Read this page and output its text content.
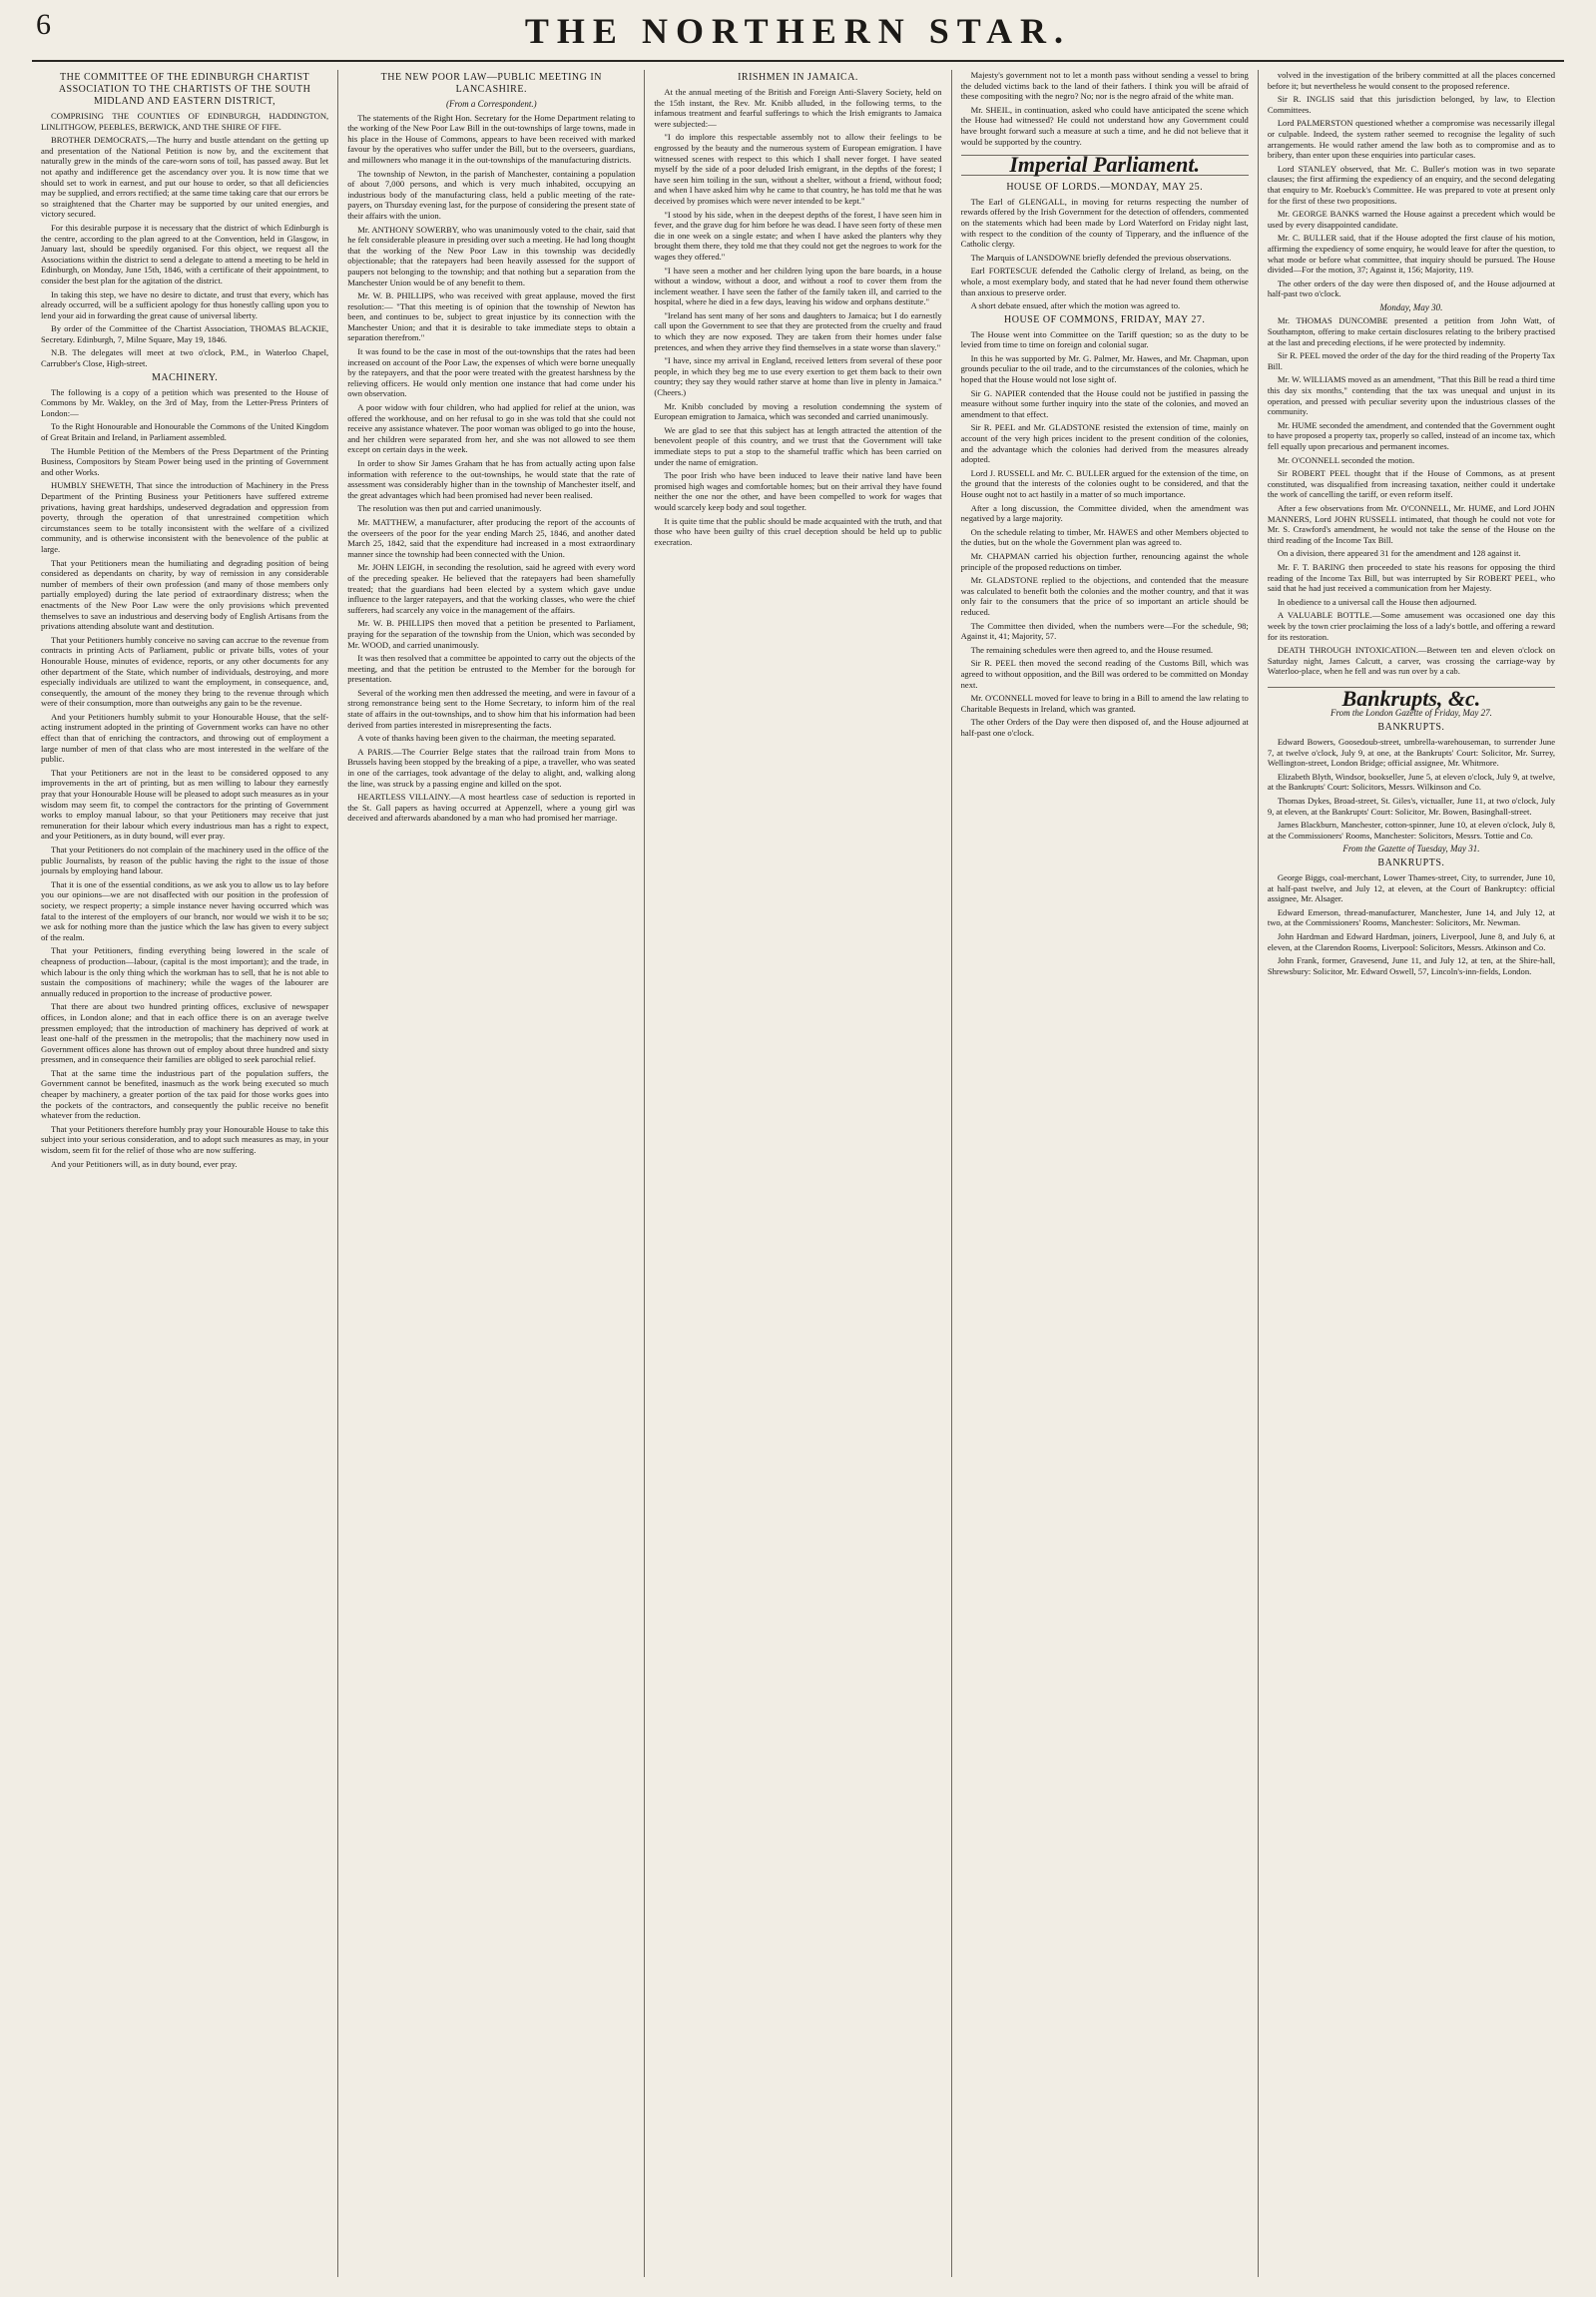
6	THE NORTHERN STAR.
THE COMMITTEE OF THE EDINBURGH CHARTIST ASSOCIATION TO THE CHARTISTS OF THE SOUTH MIDLAND AND EASTERN DISTRICT,

COMPRISING THE COUNTIES OF EDINBURGH, HADDINGTON, LINLITHGOW, PEEBLES, BERWICK, AND THE SHIRE OF FIFE.

BROTHER DEMOCRATS,—The hurry and bustle attendant on the getting up and presentation of the National Petition is now by, and the excitement that naturally grew in the minds of the care-worn sons of toil, has passed away. But let not apathy and indifference get the ascendancy over you. It is now time that we should set to work in earnest, and put our house to order, so that all deficiencies may be supplied, and errors rectified; at the same time taking care that our errors be so straightened that the Charter may be supported by our united energies, and victory secured.

For this desirable purpose it is necessary that the district of which Edinburgh is the centre, according to the plan agreed to at the Convention, held in Glasgow, in January last, should be speedily organised. For this object, we request all the Associations within the district to send a delegate to attend a meeting to be held in Edinburgh, on Monday, June 15th, 1846, with a certificate of their appointment, to consider the best plan for the agitation of the district.

In taking this step, we have no desire to dictate, and trust that every, which has already occurred, will be a sufficient apology for thus honestly calling upon you to lend your aid in forwarding the great cause of universal liberty.

By order of the Committee of the Chartist Association, THOMAS BLACKIE, Secretary. Edinburgh, 7, Milne Square, May 19, 1846.

N.B. The delegates will meet at two o'clock, P.M., in Waterloo Chapel, Carrubber's Close, High-street.

MACHINERY.

The following is a copy of a petition which was presented to the House of Commons by Mr. Wakley, on the 3rd of May, from the Letter-Press Printers of London:—

To the Right Honourable and Honourable the Commons of the United Kingdom of Great Britain and Ireland, in Parliament assembled.

The Humble Petition of the Members of the Press Department of the Printing Business, Compositors by Steam Power being used in the printing of Government and other Works.

HUMBLY SHEWETH, That since the introduction of Machinery in the Press Department of the Printing Business your Petitioners have suffered extreme privations, having great hardships, undeserved degradation and oppression from poverty, through the operation of that unrestrained competition which circumstances seem to be totally inconsistent with the welfare of a civilized community, and is otherwise inconsistent with the benevolence of the public at large.

That your Petitioners mean the humiliating and degrading position of being considered as dependants on charity, by way of remission in any considerable number of members of their own profession (and many of those members only partially employed) during the late period of extraordinary distress; when the enactments of the New Poor Law were the only provisions which prevented themselves to save an industrious and deserving body of English Artisans from the privations attending absolute want and destitution.

That your Petitioners humbly conceive no saving can accrue to the revenue from contracts in printing Acts of Parliament, public or private bills, votes of your Honourable House, minutes of evidence, reports, or any other documents for any other department of the State, which number of individuals, destroying, and more especially individuals are utilized to want the employment, in consequence, and, consequently, the amount of the money they bring to the revenue through which were of their consumption, more than outweighs any gain to be the revenue.

And your Petitioners humbly submit to your Honourable House, that the self-acting instrument adopted in the printing of Government works can have no other effect than that of enriching the contractors, and throwing out of employment a large number of men of that class who are most interested in the welfare of the public.

That your Petitioners are not in the least to be considered opposed to any improvements in the art of printing, but as men willing to labour they earnestly pray that your Honourable House will be pleased to adopt such measures as in your wisdom may seem fit, to compel the contractors for the printing of Government works to employ manual labour, so that your Petitioners may receive that just remuneration for their labour which every industrious man has a right to expect, and your Petitioners, as in duty bound, will ever pray.

That your Petitioners do not complain of the machinery used in the office of the public Journalists, by reason of the public having the right to the issue of those journals by employing hand labour.

That it is one of the essential conditions, as we ask you to allow us to lay before you our opinions—we are not disaffected with our position in the profession of society, we respect property; a simple instance never having occurred which was fatal to the interest of the employers of our branch, nor would we wish it to be so; we ask for nothing more than the justice which the law has given to every subject of the realm.

That your Petitioners, finding everything being lowered in the scale of cheapness of production—labour, (capital is the most important); and the trade, in which labour is the only thing which the workman has to sell, that he is not able to sustain the compositions of machinery; while the wages of the labourer are annually reduced in proportion to the increase of productive power.

That there are about two hundred printing offices, exclusive of newspaper offices, in London alone; and that in each office there is on an average twelve pressmen employed; that the introduction of machinery has deprived of work at least one-half of the pressmen in the metropolis; that the machinery now used in Government offices alone has thrown out of employ about three hundred and sixty pressmen, and in consequence their families are obliged to seek parochial relief.

That at the same time the industrious part of the population suffers, the Government cannot be benefited, inasmuch as the work being executed so much cheaper by machinery, a greater portion of the tax paid for those works goes into the pockets of the contractors, and consequently the public receive no benefit whatever from the reduction.

That your Petitioners therefore humbly pray your Honourable House to take this subject into your serious consideration, and to adopt such measures as may, in your wisdom, seem fit for the relief of those who are now suffering.

And your Petitioners will, as in duty bound, ever pray.

THE NEW POOR LAW—PUBLIC MEETING IN LANCASHIRE.
(From a Correspondent.)

The statements of the Right Hon. Secretary for the Home Department relating to the working of the New Poor Law Bill in the out-townships of large towns, made in his place in the House of Commons, appears to have been received with marked favour by the operatives who suffer under the Bill, but to the overseers, guardians, and millowners who manage it in the out-townships of the manufacturing districts.

The township of Newton, in the parish of Manchester, containing a population of about 7,000 persons, and which is very much inhabited, occupying an industrious body of the manufacturing class, held a public meeting of the rate-payers, on Thursday evening last, for the purpose of considering the present state of their affairs with the union.

Mr. ANTHONY SOWERBY, who was unanimously voted to the chair, said that he felt considerable pleasure in presiding over such a meeting. He had long thought that the working of the New Poor Law in this township was decidedly objectionable; that the ratepayers had been heavily assessed for the support of paupers not belonging to the township; and that nothing but a separation from the Manchester Union would be of any benefit to them.

Mr. W. B. PHILLIPS, who was received with great applause, moved the first resolution:— "That this meeting is of opinion that the township of Newton has been, and continues to be, subject to great injustice by its connection with the Manchester Union; and that it is desirable to take immediate steps to obtain a separation therefrom."

It was found to be the case in most of the out-townships that the rates had been increased on account of the Poor Law, the expenses of which were borne unequally by the ratepayers, and that the poor were treated with the greatest harshness by the relieving officers. He would only mention one instance that had come under his own observation.

A poor widow with four children, who had applied for relief at the union, was offered the workhouse, and on her refusal to go in she was told that she could not receive any assistance whatever. The poor woman was obliged to go into the house, and her children were separated from her, and she was not allowed to see them except on certain days in the week.

In order to show Sir James Graham that he has from actually acting upon false information with reference to the out-townships, he would state that the rate of assessment was considerably higher than in the township of Manchester itself, and the great advantages which had been promised had never been realised.

The resolution was then put and carried unanimously.

Mr. MATTHEW, a manufacturer, after producing the report of the accounts of the overseers of the poor for the year ending March 25, 1846, and another dated March 25, 1842, said that the expenditure had increased in a most extraordinary manner since the township had been connected with the Union.

Mr. JOHN LEIGH, in seconding the resolution, said he agreed with every word of the preceding speaker. He believed that the ratepayers had been shamefully treated; that the guardians had been elected by a system which gave undue influence to the larger ratepayers, and that the working classes, who were the chief sufferers, had scarcely any voice in the management of the affairs.

Mr. W. B. PHILLIPS then moved that a petition be presented to Parliament, praying for the separation of the township from the Union, which was seconded by Mr. WOOD, and carried unanimously.

It was then resolved that a committee be appointed to carry out the objects of the meeting, and that the petition be entrusted to the Member for the borough for presentation.

Several of the working men then addressed the meeting, and were in favour of a strong remonstrance being sent to the Home Secretary, to inform him of the real state of affairs in the out-townships, and to show him that his information had been derived from parties interested in misrepresenting the facts.

A vote of thanks having been given to the chairman, the meeting separated.

A PARIS.—The Courrier Belge states that the railroad train from Mons to Brussels having been stopped by the breaking of a pipe, a traveller, who was seated in one of the carriages, took advantage of the delay to alight, and, walking along the line, was struck by a passing engine and killed on the spot.

HEARTLESS VILLAINY.—A most heartless case of seduction is reported in the St. Gall papers as having occurred at Appenzell, where a young girl was deceived and afterwards abandoned by a man who had promised her marriage.

IRISHMEN IN JAMAICA.

At the annual meeting of the British and Foreign Anti-Slavery Society, held on the 15th instant, the Rev. Mr. Knibb alluded, in the following terms, to the infamous treatment and fearful sufferings to which the Irish emigrants to Jamaica were subjected:—

"I do implore this respectable assembly not to allow their feelings to be engrossed by the beauty and the numerous system of European emigration. I have witnessed scenes with respect to this which I shall never forget. I have seated myself by the side of a poor deluded Irish emigrant, in the depths of the forest; I have seen him toiling in the sun, without a shelter, without a friend, without food; and when I have asked him why he came to that country, he has told me that he was deceived by promises which were never intended to be kept."

"I stood by his side, when in the deepest depths of the forest, I have seen him in fever, and the grave dug for him before he was dead. I have seen forty of these men die in one week on a single estate; and when I have asked the planters why they brought them there, they told me that they could not get the negroes to work for the wages they offered."

"I have seen a mother and her children lying upon the bare boards, in a house without a window, without a door, and without a roof to cover them from the inclement weather. I have seen the father of the family taken ill, and carried to the hospital, where he died in a few days, leaving his widow and orphans destitute."

"Ireland has sent many of her sons and daughters to Jamaica; but I do earnestly call upon the Government to see that they are protected from the cruelty and fraud to which they are now exposed. They are taken from their homes under false pretences, and when they arrive they find themselves in a state worse than slavery."

"I have, since my arrival in England, received letters from several of these poor people, in which they beg me to use every exertion to get them back to their own country; they say they would rather starve at home than live in plenty in Jamaica." (Cheers.)

Mr. Knibb concluded by moving a resolution condemning the system of European emigration to Jamaica, which was seconded and carried unanimously.

We are glad to see that this subject has at length attracted the attention of the benevolent people of this country, and we trust that the Government will take immediate steps to put a stop to the shameful traffic which has been carried on under the name of emigration.

The poor Irish who have been induced to leave their native land have been promised high wages and comfortable homes; but on their arrival they have found neither the one nor the other, and have been compelled to work for wages that would scarcely keep body and soul together.

It is quite time that the public should be made acquainted with the truth, and that those who have been guilty of this cruel deception should be held up to public execration.

Majesty's government not to let a month pass without sending a vessel to bring the deluded victims back to the land of their fathers. I think you will be afraid of these compositing with the negro? No; nor is the negro afraid of the white man.

Mr. SHEIL, in continuation, asked who could have anticipated the scene which the House had witnessed? He could not understand how any Government could have brought forward such a measure at such a time, and he did not believe that it would be supported by the country.

Imperial Parliament.
HOUSE OF LORDS.—MONDAY, MAY 25.

The Earl of GLENGALL, in moving for returns respecting the number of rewards offered by the Irish Government for the detection of offenders, commented on the statements which had been made by Lord Waterford on Friday night last, with respect to the condition of the county of Tipperary, and the influence of the Catholic clergy.

The Marquis of LANSDOWNE briefly defended the previous observations.

Earl FORTESCUE defended the Catholic clergy of Ireland, as being, on the whole, a most exemplary body, and stated that he had never found them otherwise than anxious to preserve order.

A short debate ensued, after which the motion was agreed to.

HOUSE OF COMMONS, FRIDAY, MAY 27.

The House went into Committee on the Tariff question; so as the duty to be levied from time to time on foreign and colonial sugar.

In this he was supported by Mr. G. Palmer, Mr. Hawes, and Mr. Chapman, upon grounds peculiar to the oil trade, and to the circumstances of the colonies, which he hoped that the House would not lose sight of.

Sir G. NAPIER contended that the House could not be justified in passing the measure without some further inquiry into the state of the colonies, and moved an amendment to that effect.

Sir R. PEEL and Mr. GLADSTONE resisted the extension of time, mainly on account of the very high prices incident to the present condition of the colonies, and the advantage which the colonies had derived from the measures already adopted.

Lord J. RUSSELL and Mr. C. BULLER argued for the extension of the time, on the ground that the interests of the colonies ought to be considered, and that the House ought not to act hastily in a matter of so much importance.

After a long discussion, the Committee divided, when the amendment was negatived by a large majority.

On the schedule relating to timber, Mr. HAWES and other Members objected to the duties, but on the whole the Government plan was agreed to.

Mr. CHAPMAN carried his objection further, renouncing against the whole principle of the proposed reductions on timber.

Mr. GLADSTONE replied to the objections, and contended that the measure was calculated to benefit both the colonies and the mother country, and that it was only fair to the consumers that the price of so important an article should be reduced.

The Committee then divided, when the numbers were—For the schedule, 98; Against it, 41; Majority, 57.

The remaining schedules were then agreed to, and the House resumed.

Sir R. PEEL then moved the second reading of the Customs Bill, which was agreed to without opposition, and the Bill was ordered to be committed on Monday next.

Mr. O'CONNELL moved for leave to bring in a Bill to amend the law relating to Charitable Bequests in Ireland, which was granted.

The other Orders of the Day were then disposed of, and the House adjourned at half-past one o'clock.

volved in the investigation of the bribery committed at all the places concerned before it; but nevertheless he would consent to the proposed reference.

Sir R. INGLIS said that this jurisdiction belonged, by law, to Election Committees.

Lord PALMERSTON questioned whether a compromise was necessarily illegal or culpable. Indeed, the system rather seemed to recognise the legality of such arrangements. He would rather amend the law both as to compromise and as to bribery, than enter upon these enquiries into particular cases.

Lord STANLEY observed, that Mr. C. Buller's motion was in two separate clauses; the first affirming the expediency of an enquiry, and the second delegating that enquiry to Mr. Roebuck's Committee. He was prepared to vote at present only for the first of these two propositions.

Mr. GEORGE BANKS warned the House against a precedent which would be used by every disappointed candidate.

Mr. C. BULLER said, that if the House adopted the first clause of his motion, affirming the expediency of some enquiry, he would leave for after the question, to what mode or before what committee, that inquiry should be pursued. The House divided—For the motion, 37; Against it, 156; Majority, 119.

The other orders of the day were then disposed of, and the House adjourned at half-past two o'clock.

Monday, May 30.

Mr. THOMAS DUNCOMBE presented a petition from John Watt, of Southampton, offering to make certain disclosures relating to the bribery practised at the last and preceding elections, if he were protected by indemnity.

Sir R. PEEL moved the order of the day for the third reading of the Property Tax Bill.

Mr. W. WILLIAMS moved as an amendment, "That this Bill be read a third time this day six months," contending that the tax was unequal and unjust in its operation, and pressed with peculiar severity upon the industrious classes of the community.

Mr. HUME seconded the amendment, and contended that the Government ought to have proposed a property tax, properly so called, instead of an income tax, which fell equally upon precarious and permanent incomes.

Mr. O'CONNELL seconded the motion.

Sir ROBERT PEEL thought that if the House of Commons, as at present constituted, was disqualified from increasing taxation, neither could it undertake the work of cancelling the tariff, or even reform itself.

After a few observations from Mr. O'CONNELL, Mr. HUME, and Lord JOHN MANNERS, Lord JOHN RUSSELL intimated, that though he could not vote for Mr. S. Crawford's amendment, he would not take the sense of the House on the third reading of the Income Tax Bill.

On a division, there appeared 31 for the amendment and 128 against it.

Mr. F. T. BARING then proceeded to state his reasons for opposing the third reading of the Income Tax Bill, but was interrupted by Sir ROBERT PEEL, who said that he had just received a communication from her Majesty.

In obedience to a universal call the House then adjourned.

A VALUABLE BOTTLE.—Some amusement was occasioned one day this week by the town crier proclaiming the loss of a lady's bottle, and offering a reward for its restoration.

DEATH THROUGH INTOXICATION.—Between ten and eleven o'clock on Saturday night, James Calcutt, a carver, was crossing the carriage-way by Waterloo-place, when he fell and was run over by a cab.

Bankrupts, &c.
From the London Gazette of Friday, May 27.
BANKRUPTS.

Edward Bowers, Goosedoub-street, umbrella-warehouseman, to surrender June 7, at twelve o'clock, July 9, at one, at the Bankrupts' Court: Solicitor, Mr. Surrey, Wellington-street, London Bridge; official assignee, Mr. Whitmore.

Elizabeth Blyth, Windsor, bookseller, June 5, at eleven o'clock, July 9, at twelve, at the Bankrupts' Court: Solicitors, Messrs. Wilkinson and Co.

Thomas Dykes, Broad-street, St. Giles's, victualler, June 11, at two o'clock, July 9, at eleven, at the Bankrupts' Court: Solicitor, Mr. Bowen, Basinghall-street.

James Blackburn, Manchester, cotton-spinner, June 10, at eleven o'clock, July 8, at the Commissioners' Rooms, Manchester: Solicitors, Messrs. Tottie and Co.

From the Gazette of Tuesday, May 31.
BANKRUPTS.

George Biggs, coal-merchant, Lower Thames-street, City, to surrender, June 10, at half-past twelve, and July 12, at eleven, at the Court of Bankruptcy: official assignee, Mr. Alsager.

Edward Emerson, thread-manufacturer, Manchester, June 14, and July 12, at two, at the Commissioners' Rooms, Manchester: Solicitors, Mr. Newman.

John Hardman and Edward Hardman, joiners, Liverpool, June 8, and July 6, at eleven, at the Clarendon Rooms, Liverpool: Solicitors, Messrs. Atkinson and Co.

John Frank, former, Gravesend, June 11, and July 12, at ten, at the Shire-hall, Shrewsbury: Solicitor, Mr. Edward Oswell, 57, Lincoln's-inn-fields, London.
